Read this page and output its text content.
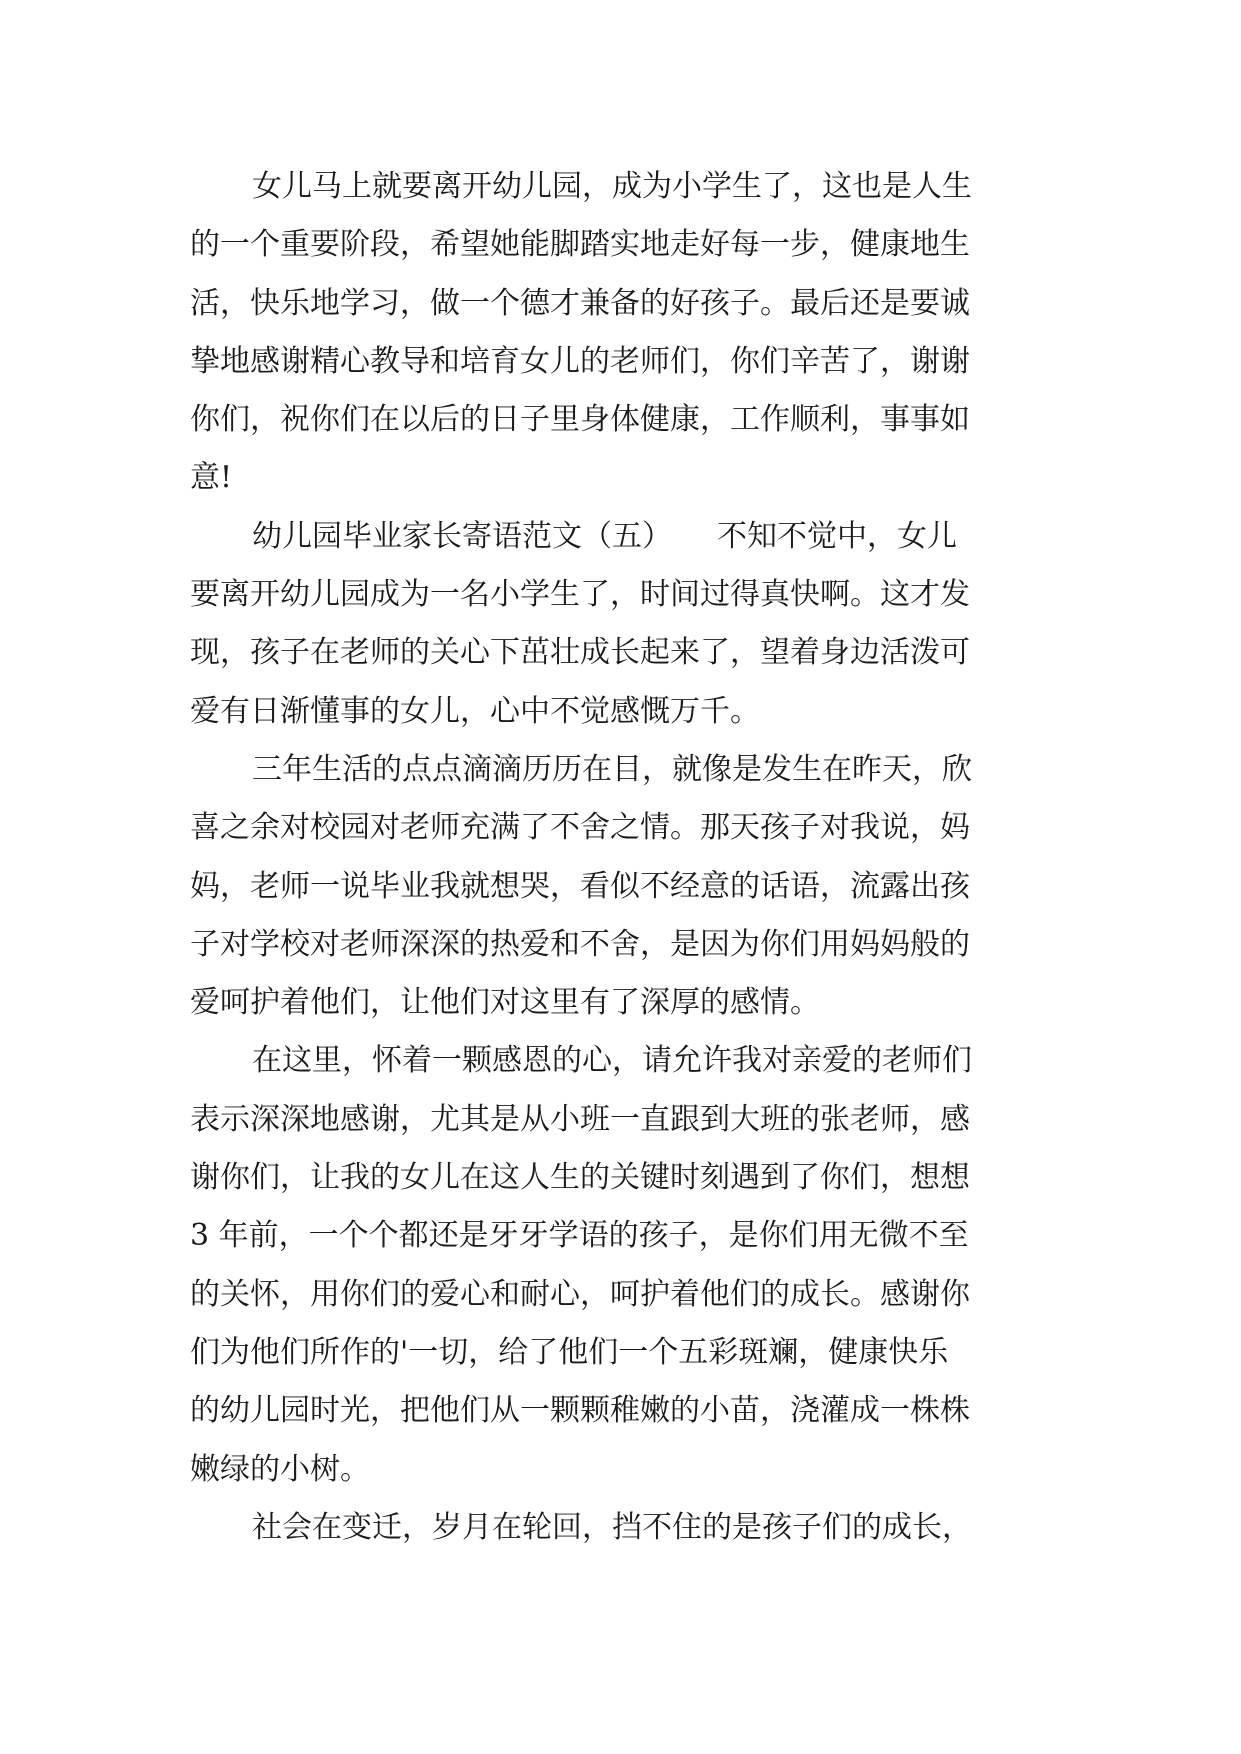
女儿马上就要离开幼儿园，成为小学生了，这也是人生
的一个重要阶段，希望她能脚踏实地走好每一步，健康地生
活，快乐地学习，做一个德才兼备的好孩子。最后还是要诚
挚地感谢精心教导和培育女儿的老师们，你们辛苦了，谢谢
你们，祝你们在以后的日子里身体健康，工作顺利，事事如
意!

幼儿园毕业家长寄语范文（五）　　不知不觉中，女儿
要离开幼儿园成为一名小学生了，时间过得真快啊。这才发
现，孩子在老师的关心下茁壮成长起来了，望着身边活泼可
爱有日渐懂事的女儿，心中不觉感慨万千。

三年生活的点点滴滴历历在目，就像是发生在昨天，欣
喜之余对校园对老师充满了不舍之情。那天孩子对我说，妈
妈，老师一说毕业我就想哭，看似不经意的话语，流露出孩
子对学校对老师深深的热爱和不舍，是因为你们用妈妈般的
爱呵护着他们，让他们对这里有了深厚的感情。

在这里，怀着一颗感恩的心，请允许我对亲爱的老师们
表示深深地感谢，尤其是从小班一直跟到大班的张老师，感
谢你们，让我的女儿在这人生的关键时刻遇到了你们，想想
3 年前，一个个都还是牙牙学语的孩子，是你们用无微不至
的关怀，用你们的爱心和耐心，呵护着他们的成长。感谢你
们为他们所作的'一切，给了他们一个五彩斑斓，健康快乐
的幼儿园时光，把他们从一颗颗稚嫩的小苗，浇灌成一株株
嫩绿的小树。

社会在变迁，岁月在轮回，挡不住的是孩子们的成长，
